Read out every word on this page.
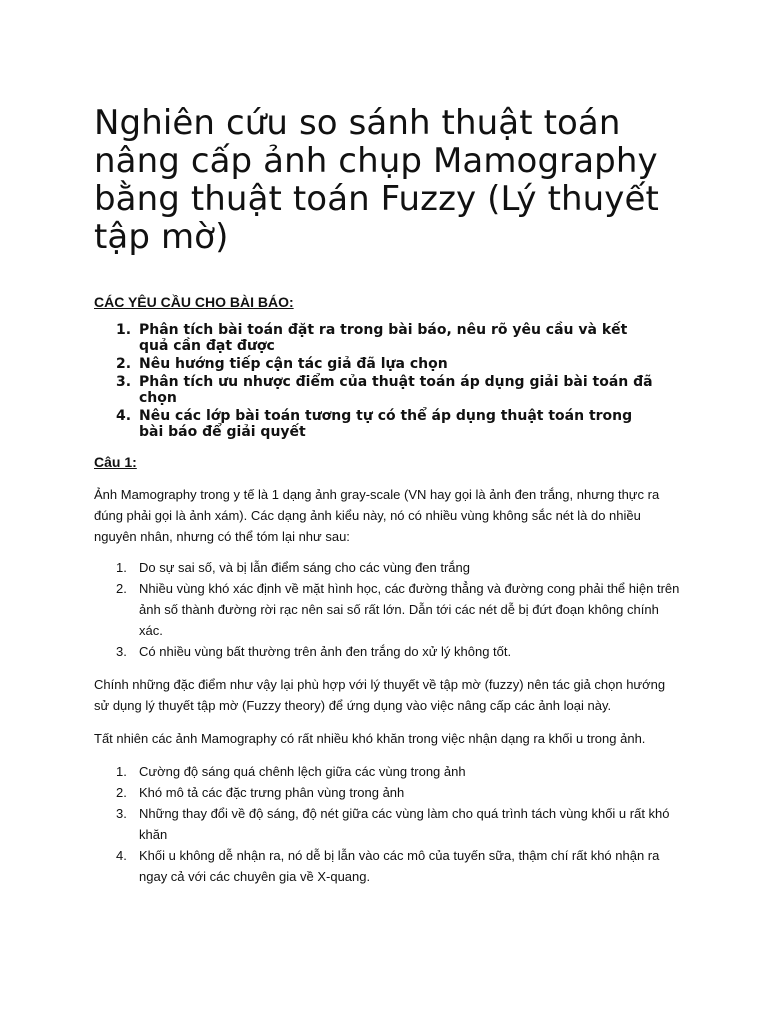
Nghiên cứu so sánh thuật toán nâng cấp ảnh chụp Mamography bằng thuật toán Fuzzy (Lý thuyết tập mờ)

CÁC YÊU CẦU CHO BÀI BÁO:

1. Phân tích bài toán đặt ra trong bài báo, nêu rõ yêu cầu và kết quả cần đạt được
2. Nêu hướng tiếp cận tác giả đã lựa chọn
3. Phân tích ưu nhược điểm của thuật toán áp dụng giải bài toán đã chọn
4. Nêu các lớp bài toán tương tự có thể áp dụng thuật toán trong bài báo để giải quyết

Câu 1:

Ảnh Mamography trong y tế là 1 dạng ảnh gray-scale (VN hay gọi là ảnh đen trắng, nhưng thực ra đúng phải gọi là ảnh xám). Các dạng ảnh kiểu này, nó có nhiều vùng không sắc nét là do nhiều nguyên nhân, nhưng có thể tóm lại như sau:

1. Do sự sai số, và bị lẫn điểm sáng cho các vùng đen trắng
2. Nhiều vùng khó xác định về mặt hình học, các đường thẳng và đường cong phải thể hiện trên ảnh số thành đường rời rạc nên sai số rất lớn. Dẫn tới các nét dễ bị đứt đoạn không chính xác.
3. Có nhiều vùng bất thường trên ảnh đen trắng do xử lý không tốt.

Chính những đặc điểm như vậy lại phù hợp với lý thuyết về tập mờ (fuzzy) nên tác giả chọn hướng sử dụng lý thuyết tập mờ (Fuzzy theory) để ứng dụng vào việc nâng cấp các ảnh loại này.

Tất nhiên các ảnh Mamography có rất nhiều khó khăn trong việc nhận dạng ra khối u trong ảnh.

1. Cường độ sáng quá chênh lệch giữa các vùng trong ảnh
2. Khó mô tả các đặc trưng phân vùng trong ảnh
3. Những thay đổi về độ sáng, độ nét giữa các vùng làm cho quá trình tách vùng khối u rất khó khăn
4. Khối u không dễ nhận ra, nó dễ bị lẫn vào các mô của tuyến sữa, thậm chí rất khó nhận ra ngay cả với các chuyên gia về X-quang.
